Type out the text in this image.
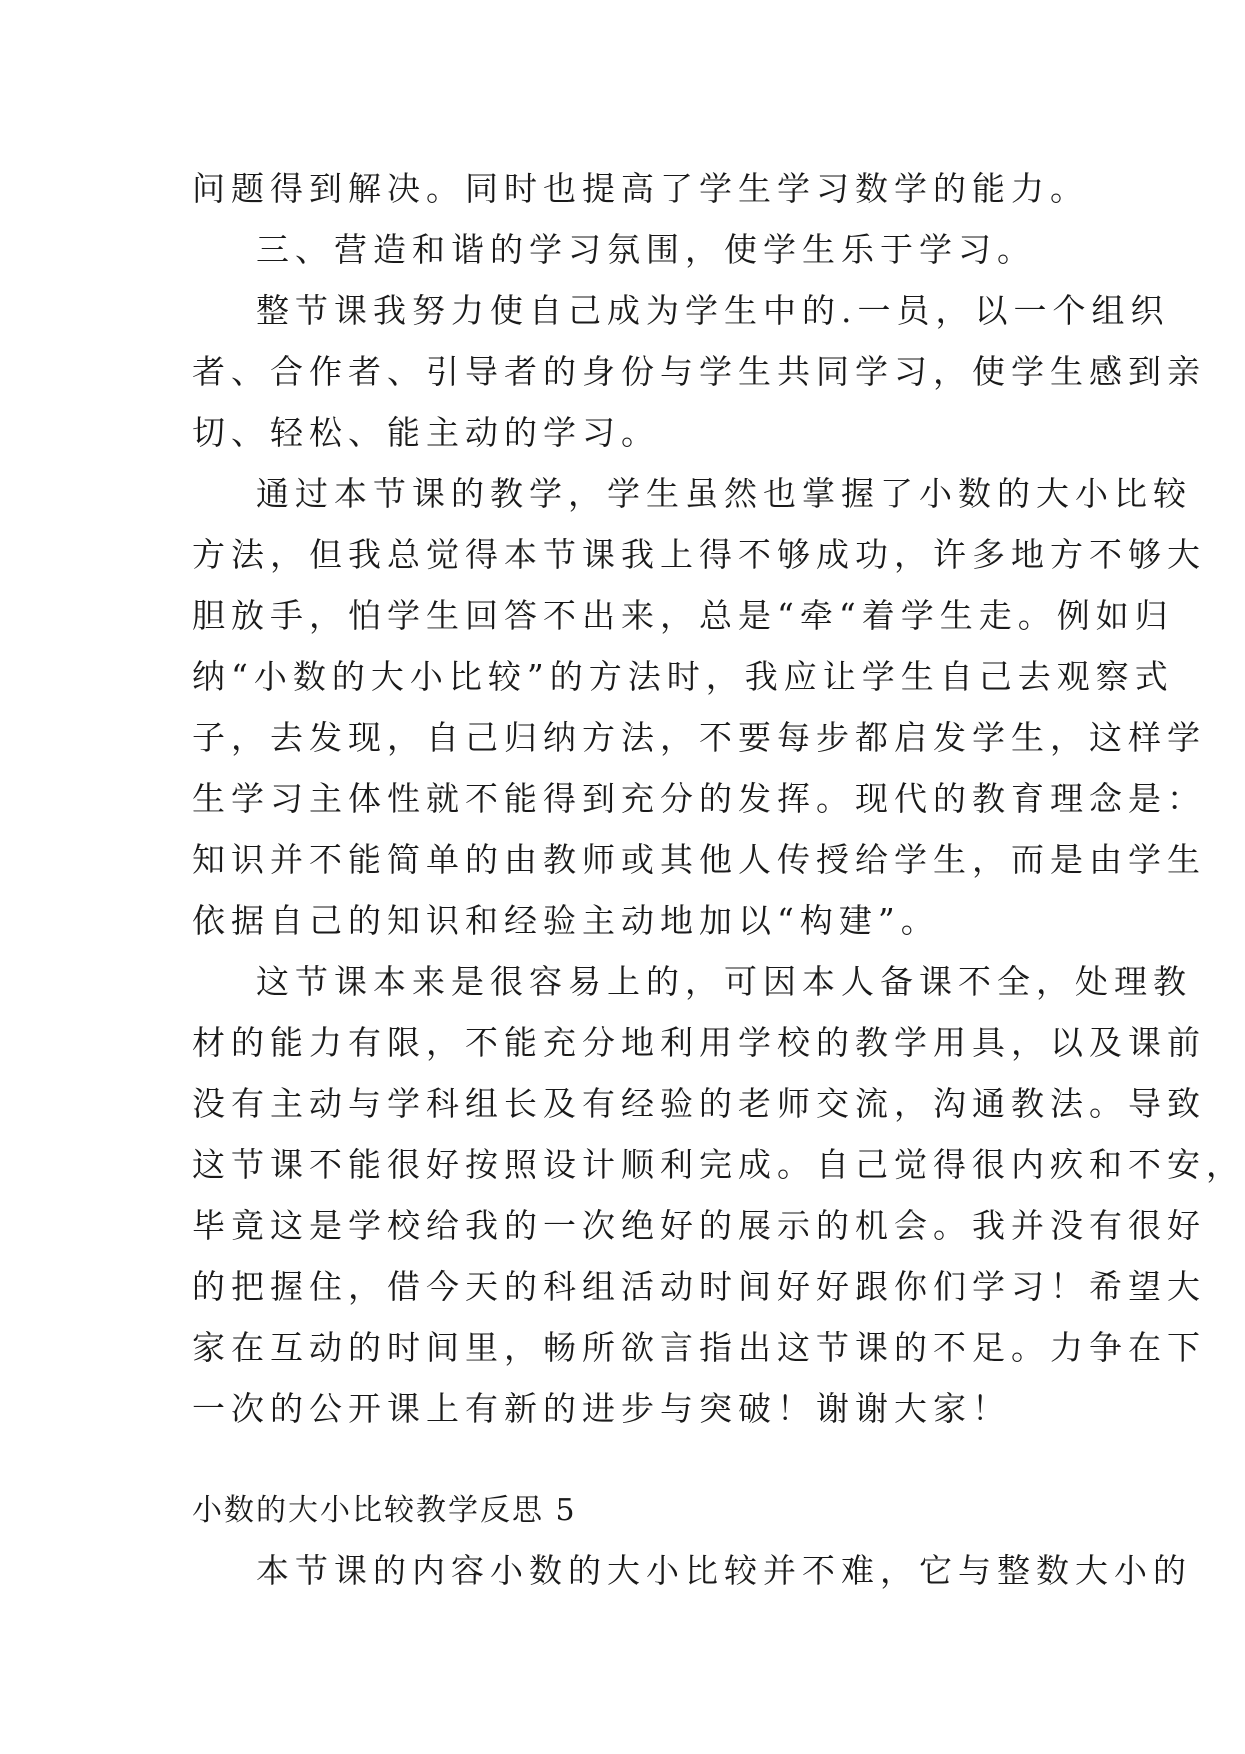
问题得到解决。同时也提高了学生学习数学的能力。
三、营造和谐的学习氛围，使学生乐于学习。
整节课我努力使自己成为学生中的.一员，以一个组织
者、合作者、引导者的身份与学生共同学习，使学生感到亲
切、轻松、能主动的学习。
通过本节课的教学，学生虽然也掌握了小数的大小比较
方法，但我总觉得本节课我上得不够成功，许多地方不够大
胆放手，怕学生回答不出来，总是“牵“着学生走。例如归
纳“小数的大小比较”的方法时，我应让学生自己去观察式
子，去发现，自己归纳方法，不要每步都启发学生，这样学
生学习主体性就不能得到充分的发挥。现代的教育理念是：
知识并不能简单的由教师或其他人传授给学生，而是由学生
依据自己的知识和经验主动地加以“构建”。
这节课本来是很容易上的，可因本人备课不全，处理教
材的能力有限，不能充分地利用学校的教学用具，以及课前
没有主动与学科组长及有经验的老师交流，沟通教法。导致
这节课不能很好按照设计顺利完成。自己觉得很内疚和不安，
毕竟这是学校给我的一次绝好的展示的机会。我并没有很好
的把握住，借今天的科组活动时间好好跟你们学习！希望大
家在互动的时间里，畅所欲言指出这节课的不足。力争在下
一次的公开课上有新的进步与突破！谢谢大家！
小数的大小比较教学反思 5
本节课的内容小数的大小比较并不难，它与整数大小的
